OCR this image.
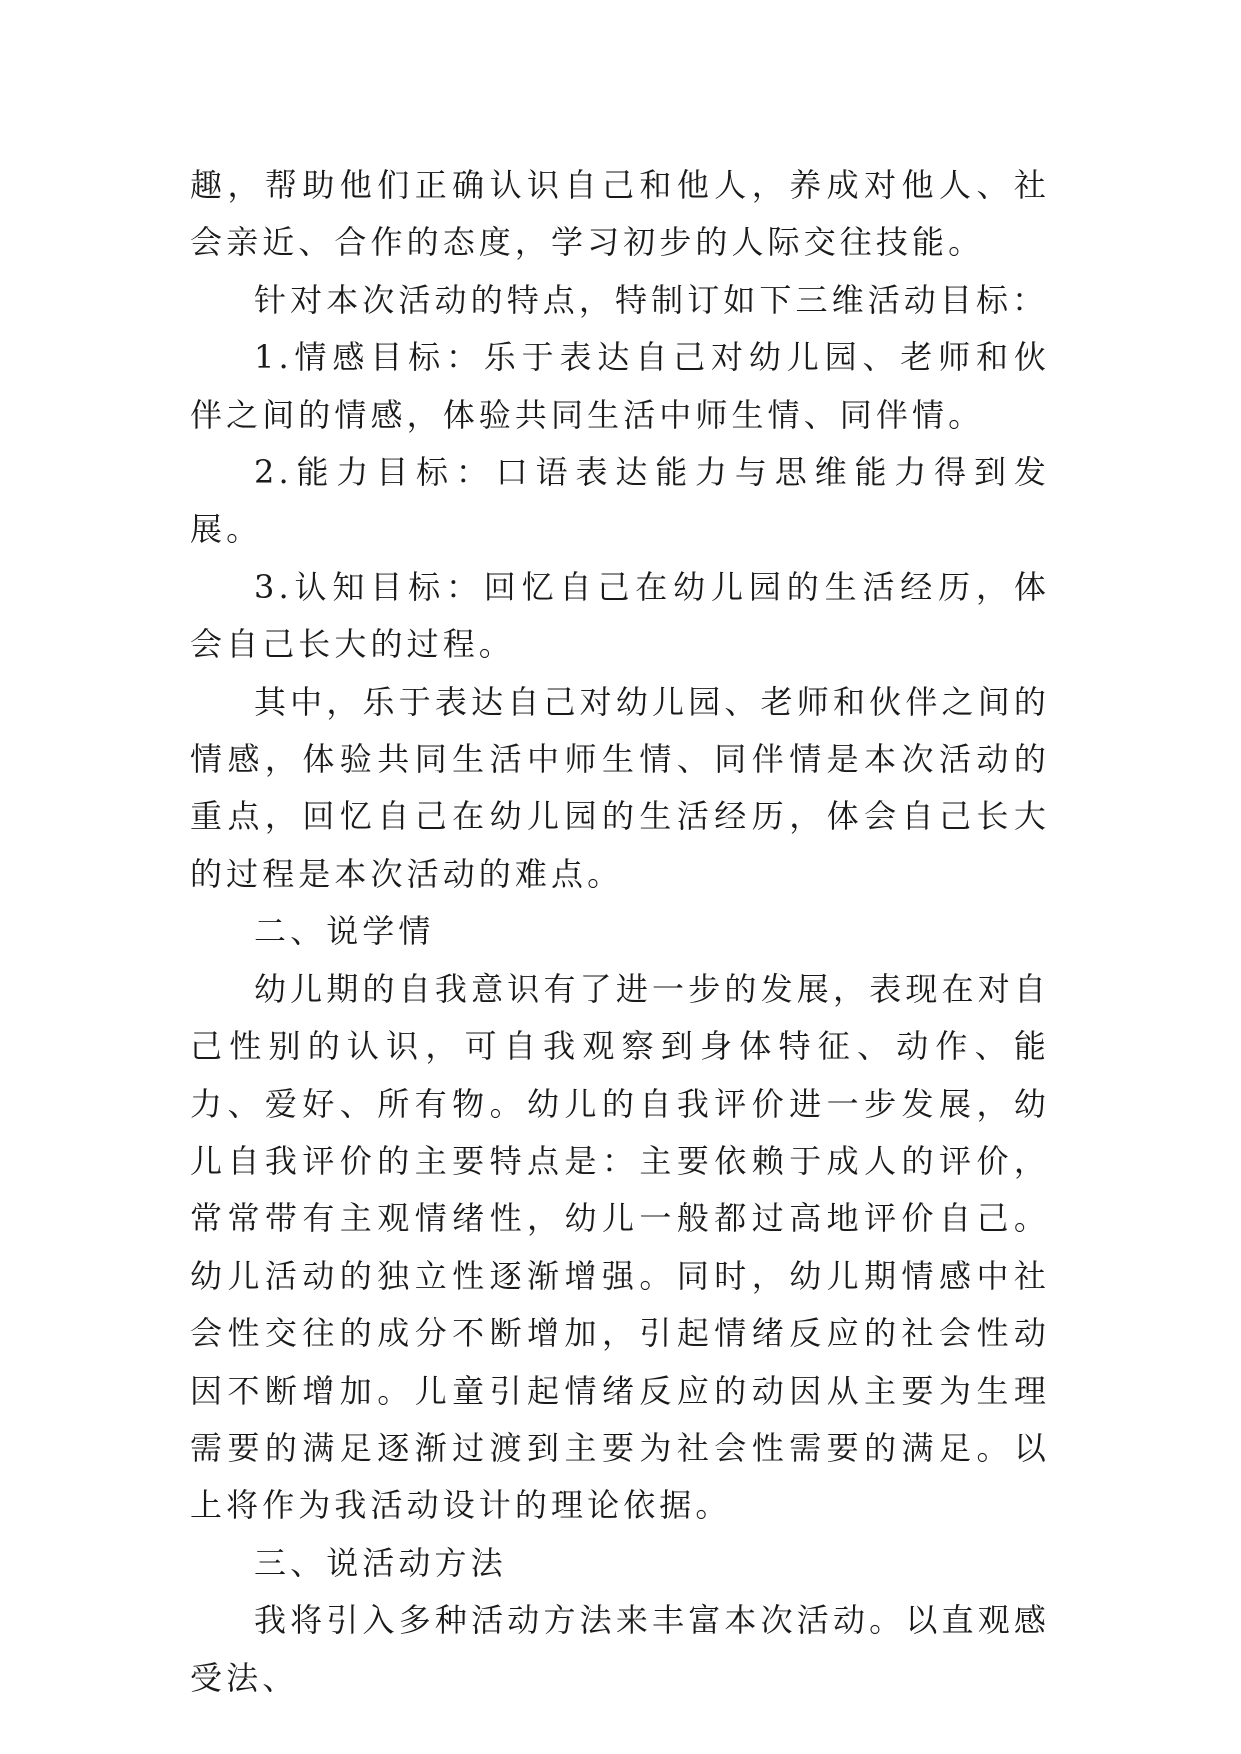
趣，帮助他们正确认识自己和他人，养成对他人、社会亲近、合作的态度，学习初步的人际交往技能。

针对本次活动的特点，特制订如下三维活动目标：

1.情感目标：乐于表达自己对幼儿园、老师和伙伴之间的情感，体验共同生活中师生情、同伴情。

2.能力目标：口语表达能力与思维能力得到发展。

3.认知目标：回忆自己在幼儿园的生活经历，体会自己长大的过程。

其中，乐于表达自己对幼儿园、老师和伙伴之间的情感，体验共同生活中师生情、同伴情是本次活动的重点，回忆自己在幼儿园的生活经历，体会自己长大的过程是本次活动的难点。

二、说学情

幼儿期的自我意识有了进一步的发展，表现在对自己性别的认识，可自我观察到身体特征、动作、能力、爱好、所有物。幼儿的自我评价进一步发展，幼儿自我评价的主要特点是：主要依赖于成人的评价，常常带有主观情绪性，幼儿一般都过高地评价自己。幼儿活动的独立性逐渐增强。同时，幼儿期情感中社会性交往的成分不断增加，引起情绪反应的社会性动因不断增加。儿童引起情绪反应的动因从主要为生理需要的满足逐渐过渡到主要为社会性需要的满足。以上将作为我活动设计的理论依据。

三、说活动方法

我将引入多种活动方法来丰富本次活动。以直观感受法、
